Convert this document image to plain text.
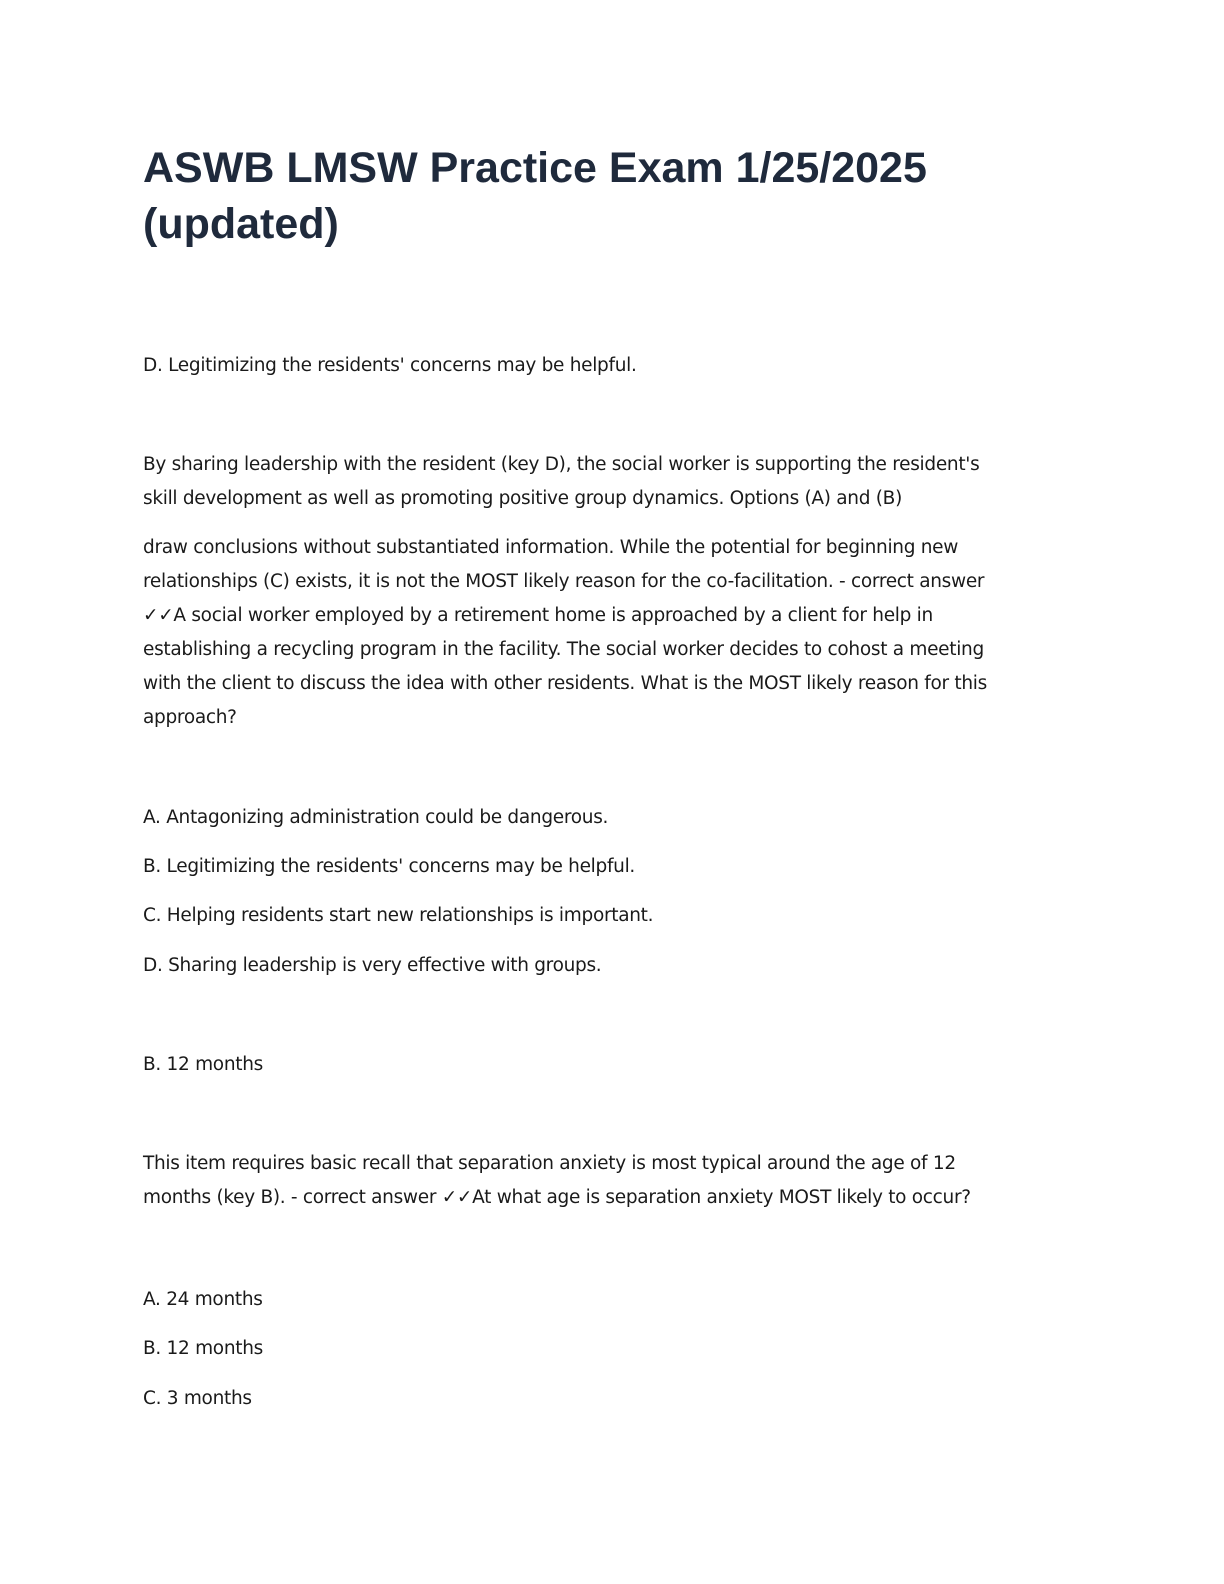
ASWB LMSW Practice Exam 1/25/2025
(updated)

D. Legitimizing the residents' concerns may be helpful.

By sharing leadership with the resident (key D), the social worker is supporting the resident's
skill development as well as promoting positive group dynamics. Options (A) and (B)

draw conclusions without substantiated information. While the potential for beginning new
relationships (C) exists, it is not the MOST likely reason for the co-facilitation. - correct answer
✓✓A social worker employed by a retirement home is approached by a client for help in
establishing a recycling program in the facility. The social worker decides to cohost a meeting
with the client to discuss the idea with other residents. What is the MOST likely reason for this
approach?

A. Antagonizing administration could be dangerous.

B. Legitimizing the residents' concerns may be helpful.

C. Helping residents start new relationships is important.

D. Sharing leadership is very effective with groups.

B. 12 months

This item requires basic recall that separation anxiety is most typical around the age of 12
months (key B). - correct answer ✓✓At what age is separation anxiety MOST likely to occur?

A. 24 months

B. 12 months

C. 3 months
